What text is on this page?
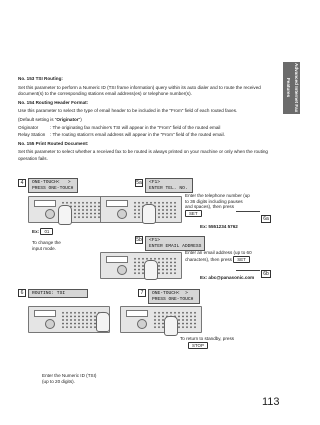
Advanced Internet Fax Features

No. 153 TSI Routing:

Set this parameter to perform a Numeric ID (TSI frame information) query within its auto dialer and to route the received document(s) to the corresponding stations email address(es) or telephone number(s).

No. 154 Routing Header Format:

Use this parameter to select the type of email header to be included in the "From" field of each routed faxes.

(Default setting is "Originator")

Originator	: The originating fax machine's TSI will appear in the "From" field of the routed email
Relay Station	: The routing station's email address will appear in the "From" field of the routed email.

No. 155 Print Routed Document:

Set this parameter to select whether a received fax to be routed is always printed on your machine or only when the routing operation fails.

4	ONE-TOUCH<   >
PRESS ONE-TOUCH
Ex: 01
5a	<F1>
ENTER TEL. NO.
Enter the telephone number (up to 36 digits including pauses and spaces), then press SET
Ex: 5551234 5762
6a
To change the input mode.
5b	<F1>
ENTER EMAIL ADDRESS
Enter an email address (up to 60 characters), then press SET
Ex: abc@panasonic.com
6b
6	ROUTING: TSI
Enter the Numeric ID (TSI) (up to 20 digits).
7	ONE-TOUCH<  >
PRESS ONE-TOUCH
To return to standby, press
STOP
113
